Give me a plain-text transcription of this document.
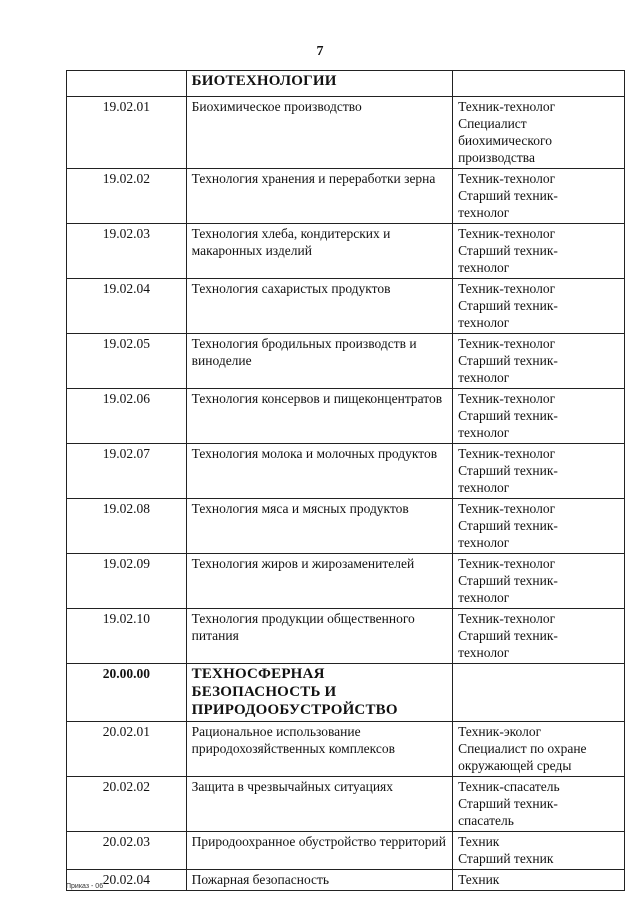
7
	БИОТЕХНОЛОГИИ	
19.02.01	Биохимическое производство	Техник-технолог
Специалист
биохимического
производства

19.02.02	Технология хранения и переработки зерна	Техник-технолог
Старший техник-
технолог

19.02.03	Технология хлеба, кондитерских и макаронных изделий	Техник-технолог
Старший техник-
технолог

19.02.04	Технология сахаристых продуктов	Техник-технолог
Старший техник-
технолог

19.02.05	Технология бродильных производств и виноделие	Техник-технолог
Старший техник-
технолог

19.02.06	Технология консервов и пищеконцентратов	Техник-технолог
Старший техник-
технолог

19.02.07	Технология молока и молочных продуктов	Техник-технолог
Старший техник-
технолог

19.02.08	Технология мяса и мясных продуктов	Техник-технолог
Старший техник-
технолог

19.02.09	Технология жиров и жирозаменителей	Техник-технолог
Старший техник-
технолог

19.02.10	Технология продукции общественного питания	Техник-технолог
Старший техник-
технолог

20.00.00	ТЕХНОСФЕРНАЯ БЕЗОПАСНОСТЬ И ПРИРОДООБУСТРОЙСТВО	
20.02.01	Рациональное использование природохозяйственных комплексов	Техник-эколог
Специалист по охране
окружающей среды

20.02.02	Защита в чрезвычайных ситуациях	Техник-спасатель
Старший техник-
спасатель

20.02.03	Природоохранное обустройство территорий	Техник
Старший техник

20.02.04	Пожарная безопасность	Техник
Приказ - 06
